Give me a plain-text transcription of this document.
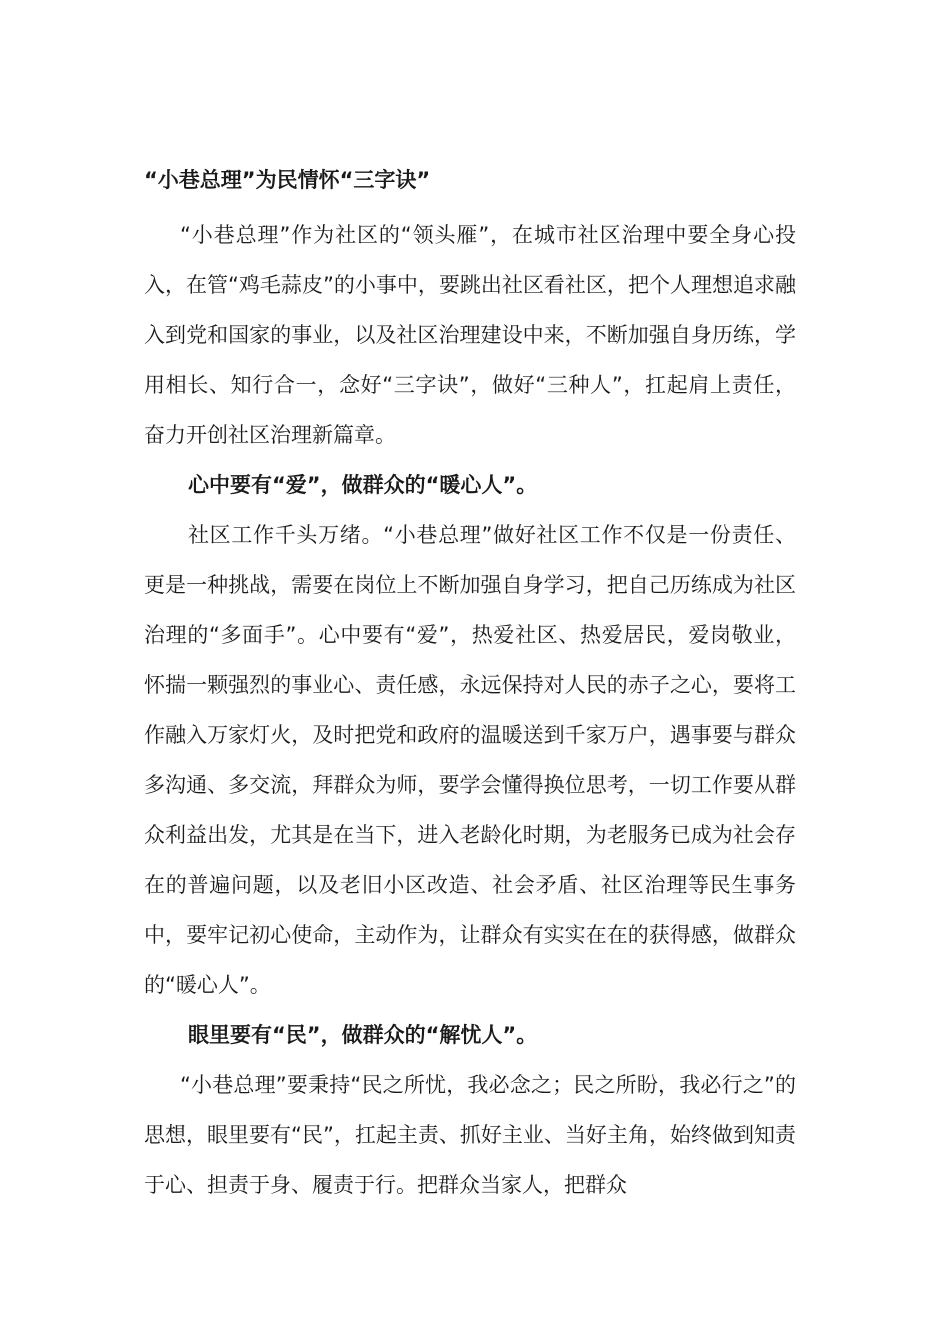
“小巷总理”为民情怀“三字诀”

“小巷总理”作为社区的“领头雁”，在城市社区治理中要全身心投入，在管“鸡毛蒜皮”的小事中，要跳出社区看社区，把个人理想追求融入到党和国家的事业，以及社区治理建设中来，不断加强自身历练，学用相长、知行合一，念好“三字诀”，做好“三种人”，扛起肩上责任，奋力开创社区治理新篇章。

心中要有“爱”，做群众的“暖心人”。

社区工作千头万绪。“小巷总理”做好社区工作不仅是一份责任、更是一种挑战，需要在岗位上不断加强自身学习，把自己历练成为社区治理的“多面手”。心中要有“爱”，热爱社区、热爱居民，爱岗敬业，怀揣一颗强烈的事业心、责任感，永远保持对人民的赤子之心，要将工作融入万家灯火，及时把党和政府的温暖送到千家万户，遇事要与群众多沟通、多交流，拜群众为师，要学会懂得换位思考，一切工作要从群众利益出发，尤其是在当下，进入老龄化时期，为老服务已成为社会存在的普遍问题，以及老旧小区改造、社会矛盾、社区治理等民生事务中，要牢记初心使命，主动作为，让群众有实实在在的获得感，做群众的“暖心人”。

眼里要有“民”，做群众的“解忧人”。

“小巷总理”要秉持“民之所忧，我必念之；民之所盼，我必行之”的思想，眼里要有“民”，扛起主责、抓好主业、当好主角，始终做到知责于心、担责于身、履责于行。把群众当家人，把群众
